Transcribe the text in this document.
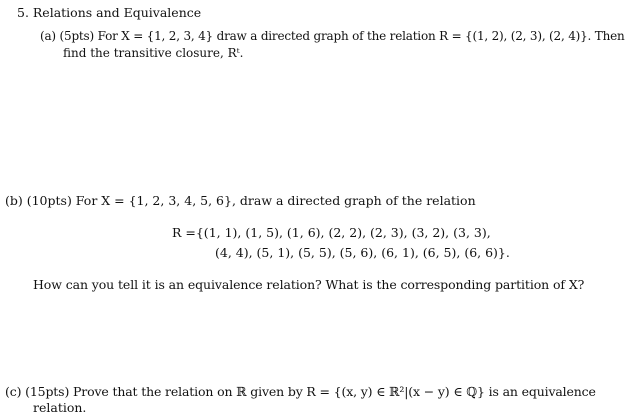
5. Relations and Equivalence
(a) (5pts) For X = {1, 2, 3, 4} draw a directed graph of the relation R = {(1, 2), (2, 3), (2, 4)}. Then
find the transitive closure, Rᵗ.
(b) (10pts) For X = {1, 2, 3, 4, 5, 6}, draw a directed graph of the relation
R ={(1, 1), (1, 5), (1, 6), (2, 2), (2, 3), (3, 2), (3, 3),
(4, 4), (5, 1), (5, 5), (5, 6), (6, 1), (6, 5), (6, 6)}.
How can you tell it is an equivalence relation? What is the corresponding partition of X?
(c) (15pts) Prove that the relation on ℝ given by R = {(x, y) ∈ ℝ²|(x − y) ∈ ℚ} is an equivalence
relation.
